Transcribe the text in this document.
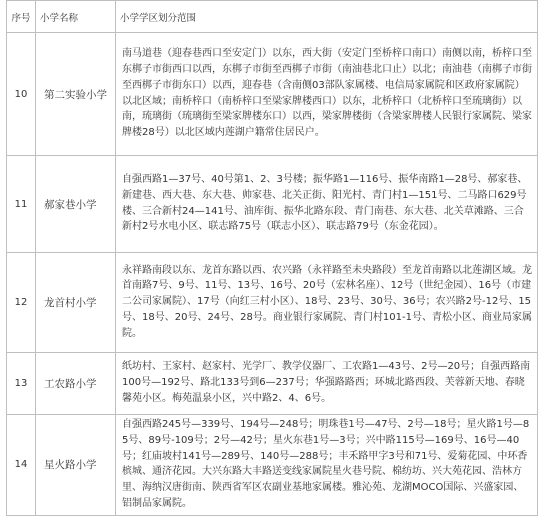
序号	小学名称	小学学区划分范围
10	第二实验小学	南马道巷（迎春巷西口至安定门）以东，西大街（安定门至桥梓口南口）南侧以南，桥梓口至东梆子市街西口以西，东梆子市街至西梆子市街（南油巷北口止）以北；南油巷（南梆子市街至西梆子市街东口）以西，迎春巷（含南侧03部队家属楼、电信局家属院和区政府家属院）以北区域；南桥梓口（南桥梓口至梁家牌楼西口）以东，北桥梓口（北桥梓口至琉璃街）以南，琉璃街（琉璃街至梁家牌楼东口）以西，梁家牌楼街（含梁家牌楼人民银行家属院、梁家牌楼28号）以北区域内莲湖户籍常住居民户。
11	郝家巷小学	自强西路1—37号、40号第1、2、3号楼；振华路1—116号、振华南路1—28号、郝家巷、新建巷、西大巷、东大巷、帅家巷、北关正街、阳光村、青门村1—151号、二马路口629号楼、三合新村24—141号、油库街、振华北路东段、青门南巷、东大巷、北关草滩路、三合新村2号水电小区、联志路75号（联志小区）、联志路79号（东金花园）。
12	龙首村小学	永祥路南段以东、龙首东路以西、农兴路（永祥路至未央路段）至龙首南路以北莲湖区域。龙首南路7号、9号、11号、13号、16号、20号（宏林名座）、12号（世纪金园）、16号（市建二公司家属院）、17号（向红三村小区）、18号、23号、30号、36号；农兴路2号-12号、15号、18号、20号、24号、28号。商业银行家属院、青门村101-1号、青松小区、商业局家属院。
13	工农路小学	纸坊村、王家村、赵家村、光学厂、教学仪器厂、工农路1—43号、2号—20号；自强西路南100号—192号、路北133号到6—237号；华强路路西；环城北路西段、芙蓉新天地、春晓馨苑小区。梅苑温泉小区，兴中路2、4、6号。
14	星火路小学	自强西路245号—339号、194号—248号；明珠巷1号—47号、2号—18号；星火路1号—85号、89号-109号；2号—42号；星火东巷1号—3号；兴中路115号—169号、16号—40号；红庙坡村141号—289号、140号—288号；丰禾路甲字3号和71号、爱菊花园、中环香槟城、通济花园。大兴东路大丰路送变线家属院星火巷号院、棉纺坊、兴大苑花园、浩林方里、海纳汉唐街南、陕西省军区农副业基地家属楼。雅沁苑、龙湖MOCO国际、兴盛家园、铝制品家属院。
